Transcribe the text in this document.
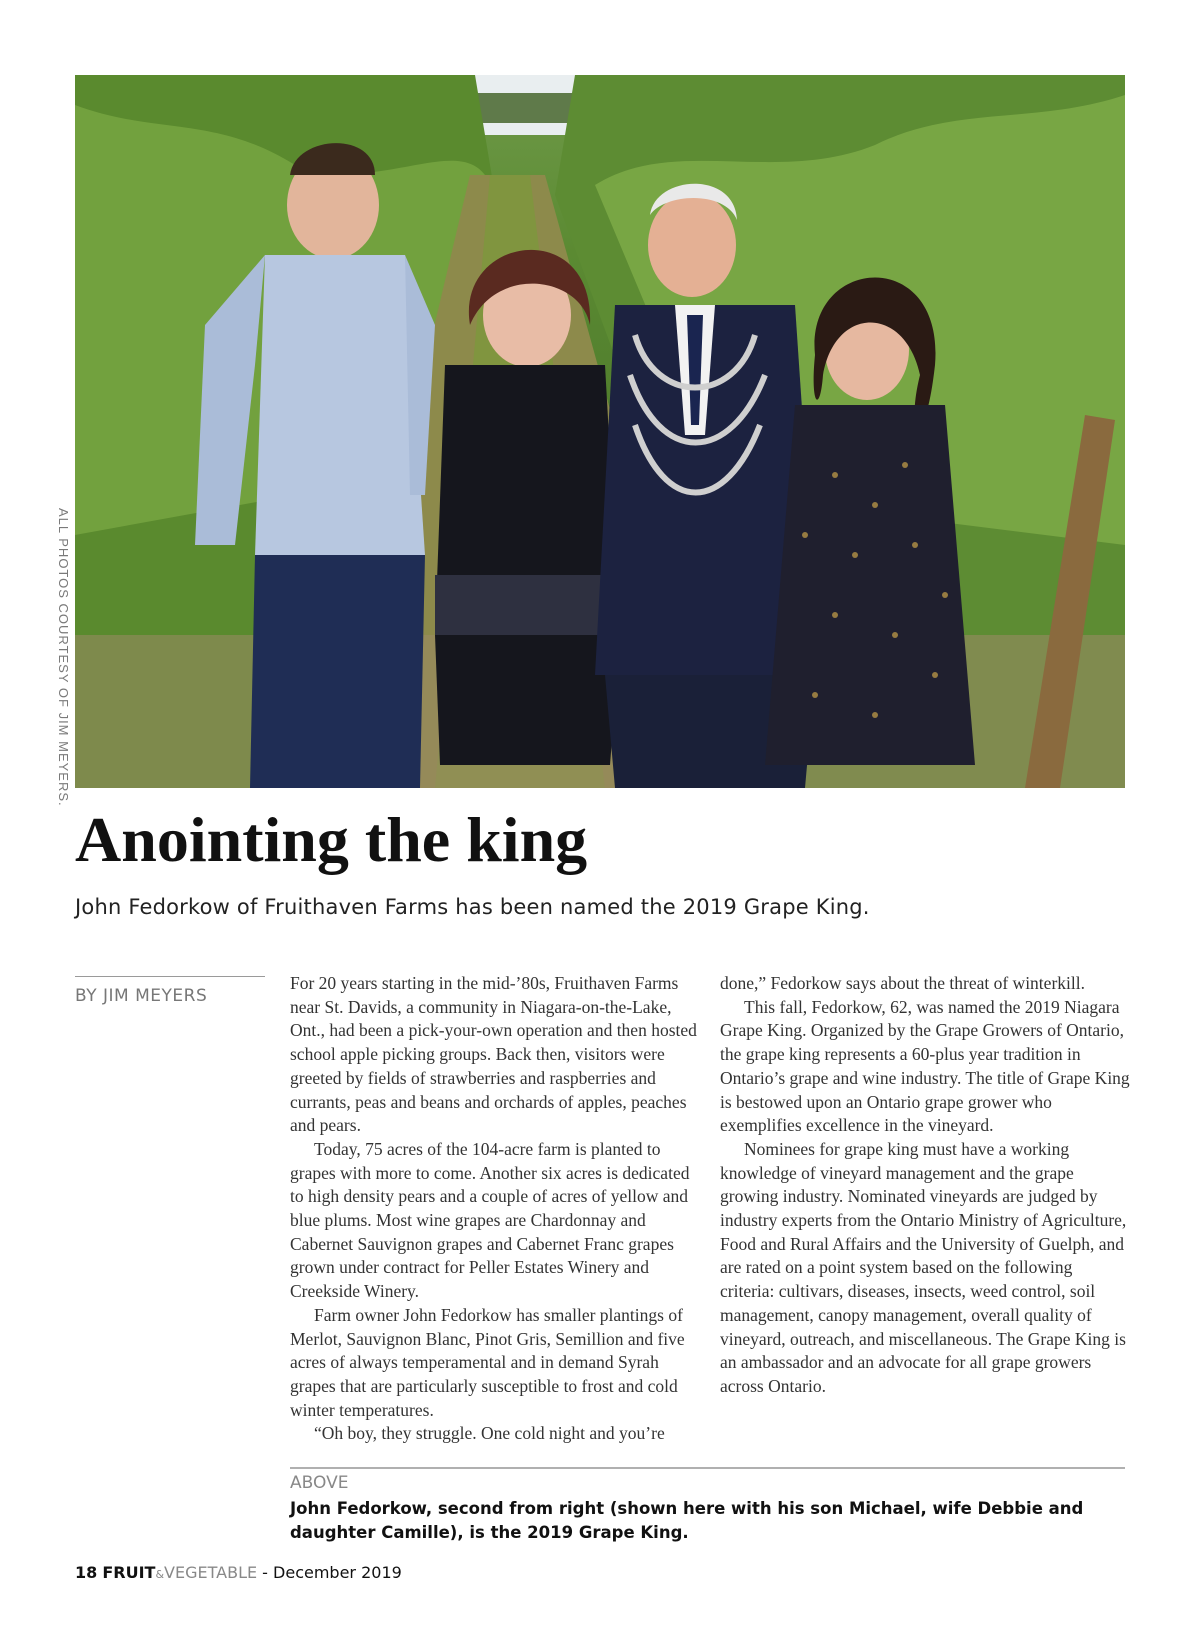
ALL PHOTOS COURTESY OF JIM MEYERS.
Anointing the king
John Fedorkow of Fruithaven Farms has been named the 2019 Grape King.
BY JIM MEYERS

For 20 years starting in the mid-’80s, Fruithaven Farms near St. Davids, a community in Niagara-on-the-Lake, Ont., had been a pick-your-own operation and then hosted school apple picking groups. Back then, visitors were greeted by fields of strawberries and raspberries and currants, peas and beans and orchards of apples, peaches and pears.

Today, 75 acres of the 104-acre farm is planted to grapes with more to come. Another six acres is dedicated to high density pears and a couple of acres of yellow and blue plums. Most wine grapes are Chardonnay and Cabernet Sauvignon grapes and Cabernet Franc grapes grown under contract for Peller Estates Winery and Creekside Winery.

Farm owner John Fedorkow has smaller plantings of Merlot, Sauvignon Blanc, Pinot Gris, Semillion and five acres of always temperamental and in demand Syrah grapes that are particularly susceptible to frost and cold winter temperatures.

“Oh boy, they struggle. One cold night and you’re

done,” Fedorkow says about the threat of winterkill.

This fall, Fedorkow, 62, was named the 2019 Niagara Grape King. Organized by the Grape Growers of Ontario, the grape king represents a 60-plus year tradition in Ontario’s grape and wine industry. The title of Grape King is bestowed upon an Ontario grape grower who exemplifies excellence in the vineyard.

Nominees for grape king must have a working knowledge of vineyard management and the grape growing industry. Nominated vineyards are judged by industry experts from the Ontario Ministry of Agriculture, Food and Rural Affairs and the University of Guelph, and are rated on a point system based on the following criteria: cultivars, diseases, insects, weed control, soil management, canopy management, overall quality of vineyard, outreach, and miscellaneous. The Grape King is an ambassador and an advocate for all grape growers across Ontario.

ABOVE
John Fedorkow, second from right (shown here with his son Michael, wife Debbie and daughter Camille), is the 2019 Grape King.
18 FRUIT&VEGETABLE - December 2019
